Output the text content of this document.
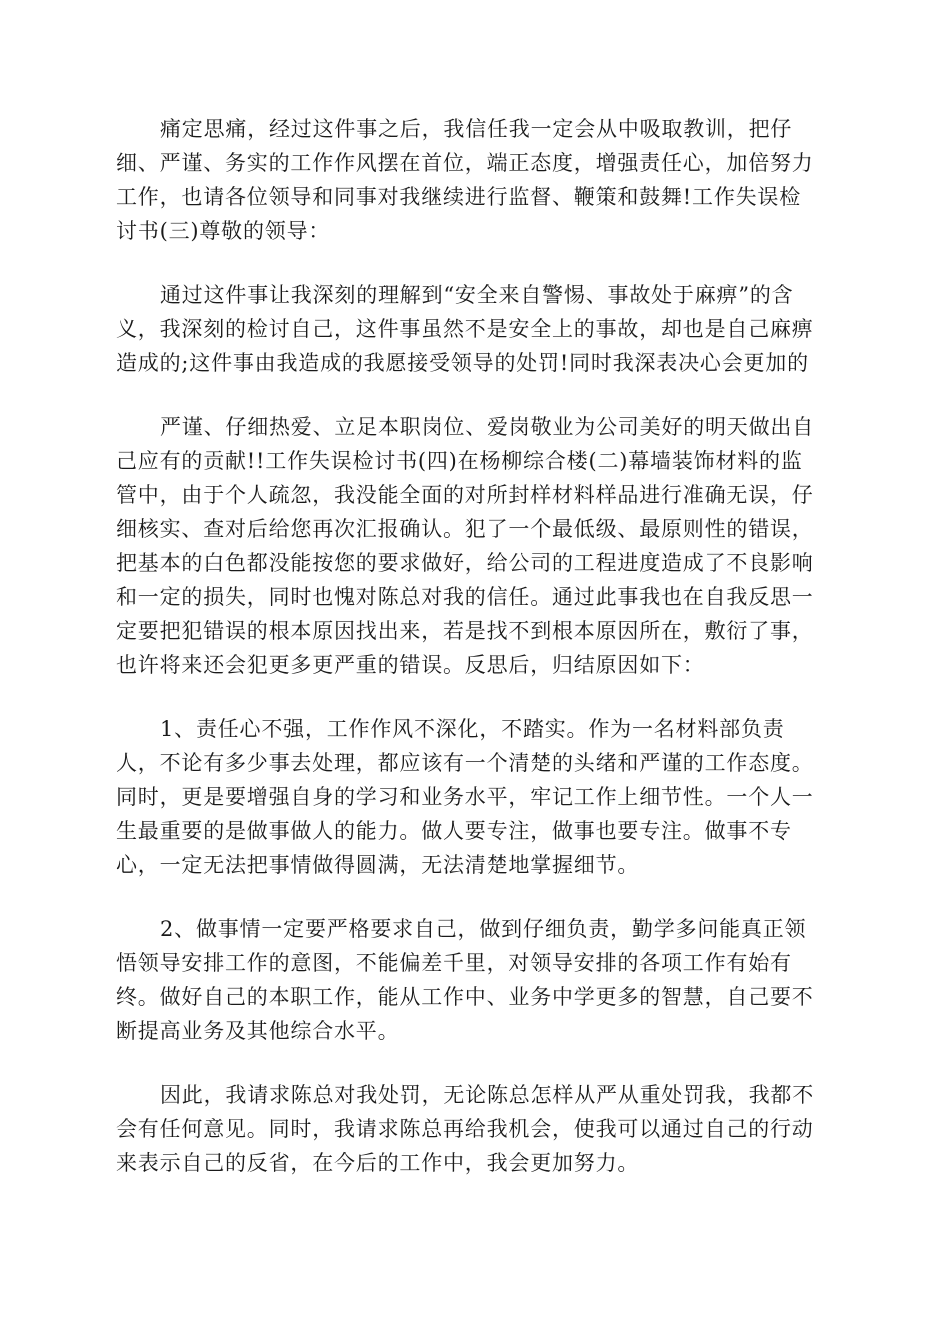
痛定思痛，经过这件事之后，我信任我一定会从中吸取教训，把仔
细、严谨、务实的工作作风摆在首位，端正态度，增强责任心，加倍努力
工作，也请各位领导和同事对我继续进行监督、鞭策和鼓舞!工作失误检
讨书(三)尊敬的领导：
通过这件事让我深刻的理解到“安全来自警惕、事故处于麻痹”的含
义，我深刻的检讨自己，这件事虽然不是安全上的事故，却也是自己麻痹
造成的;这件事由我造成的我愿接受领导的处罚!同时我深表决心会更加的
严谨、仔细热爱、立足本职岗位、爱岗敬业为公司美好的明天做出自
己应有的贡献!!工作失误检讨书(四)在杨柳综合楼(二)幕墙装饰材料的监
管中，由于个人疏忽，我没能全面的对所封样材料样品进行准确无误，仔
细核实、查对后给您再次汇报确认。犯了一个最低级、最原则性的错误，
把基本的白色都没能按您的要求做好，给公司的工程进度造成了不良影响
和一定的损失，同时也愧对陈总对我的信任。通过此事我也在自我反思一
定要把犯错误的根本原因找出来，若是找不到根本原因所在，敷衍了事，
也许将来还会犯更多更严重的错误。反思后，归结原因如下：
1、责任心不强，工作作风不深化，不踏实。作为一名材料部负责
人，不论有多少事去处理，都应该有一个清楚的头绪和严谨的工作态度。
同时，更是要增强自身的学习和业务水平，牢记工作上细节性。一个人一
生最重要的是做事做人的能力。做人要专注，做事也要专注。做事不专
心，一定无法把事情做得圆满，无法清楚地掌握细节。
2、做事情一定要严格要求自己，做到仔细负责，勤学多问能真正领
悟领导安排工作的意图，不能偏差千里，对领导安排的各项工作有始有
终。做好自己的本职工作，能从工作中、业务中学更多的智慧，自己要不
断提高业务及其他综合水平。
因此，我请求陈总对我处罚，无论陈总怎样从严从重处罚我，我都不
会有任何意见。同时，我请求陈总再给我机会，使我可以通过自己的行动
来表示自己的反省，在今后的工作中，我会更加努力。
